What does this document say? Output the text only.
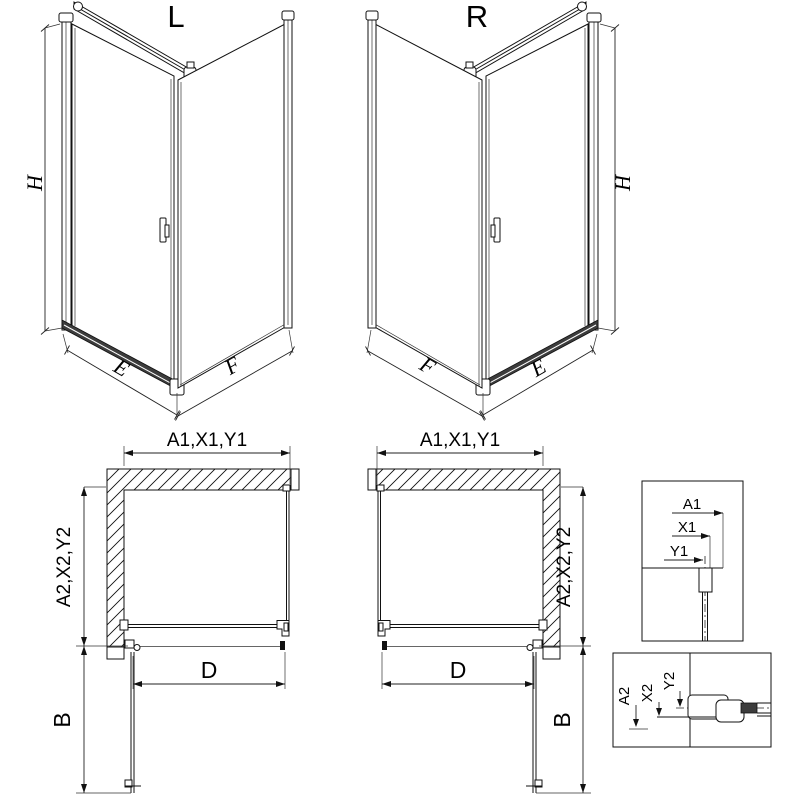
L
H
E	F
R
H
E
F
A1,X1,Y1
A2,X2,Y2
D
B
A1,X1,Y1
A2,X2,Y2
D
B
A1
X1
Y1
Y2
X2
A2
